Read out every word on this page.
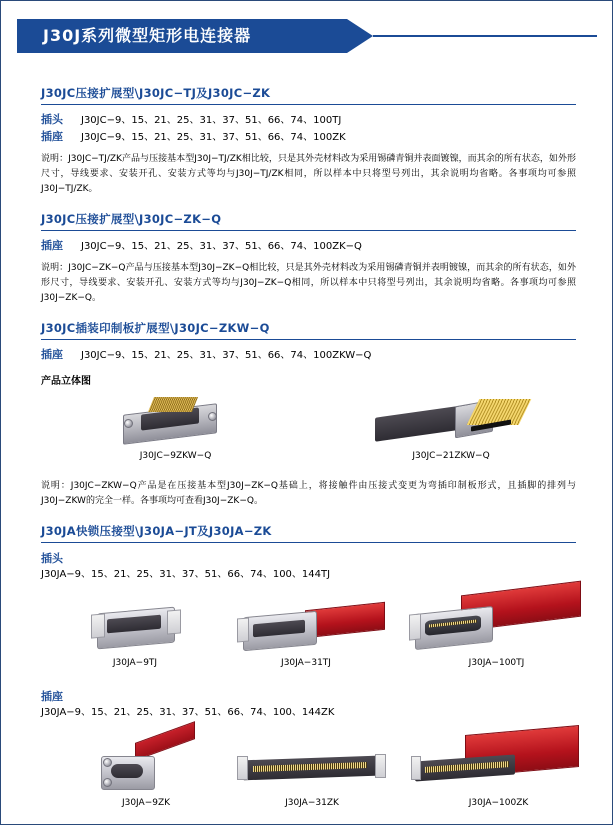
J30J系列微型矩形电连接器
J30JC压接扩展型\J30JC−TJ及J30JC−ZK
插头 J30JC−9、15、21、25、31、37、51、66、74、100TJ
插座 J30JC−9、15、21、25、31、37、51、66、74、100ZK
说明：J30JC−TJ/ZK产品与压接基本型J30J−TJ/ZK相比较，只是其外壳材料改为采用锡磷青铜并表面镀镍，而其余的所有状态，如外形尺寸，导线要求、安装开孔、安装方式等均与J30J−TJ/ZK相同，所以样本中只将型号列出，其余说明均省略。各事项均可参照J30J−TJ/ZK。
J30JC压接扩展型\J30JC−ZK−Q
插座 J30JC−9、15、21、25、31、37、51、66、74、100ZK−Q
说明：J30JC−ZK−Q产品与压接基本型J30J−ZK−Q相比较，只是其外壳材料改为采用锡磷青铜并表明镀镍，而其余的所有状态，如外形尺寸，导线要求、安装开孔、安装方式等均与J30J−ZK−Q相同，所以样本中只将型号列出，其余说明均省略。各事项均可参照J30J−ZK−Q。
J30JC插装印制板扩展型\J30JC−ZKW−Q
插座 J30JC−9、15、21、25、31、37、51、66、74、100ZKW−Q
产品立体图
J30JC−9ZKW−Q	J30JC−21ZKW−Q
说明：J30JC−ZKW−Q产品是在压接基本型J30J−ZK−Q基础上，将接触件由压接式变更为弯插印制板形式，且插脚的排列与J30J−ZKW的完全一样。各事项均可查看J30J−ZK−Q。
J30JA快锁压接型\J30JA−JT及J30JA−ZK
插头
J30JA−9、15、21、25、31、37、51、66、74、100、144TJ
J30JA−9TJ	J30JA−31TJ	J30JA−100TJ
插座
J30JA−9、15、21、25、31、37、51、66、74、100、144ZK
J30JA−9ZK	J30JA−31ZK	J30JA−100ZK
